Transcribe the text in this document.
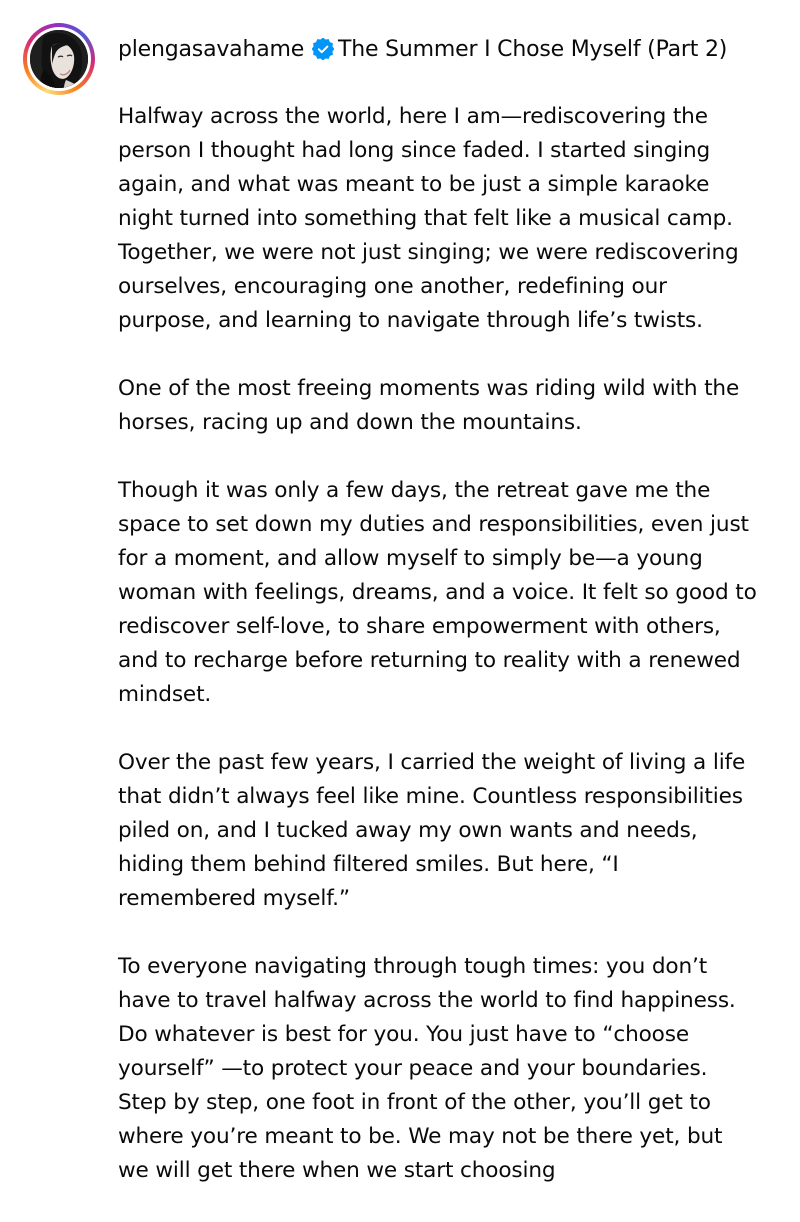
plengasavahame The Summer I Chose Myself (Part 2)

Halfway across the world, here I am—rediscovering the person I thought had long since faded. I started singing again, and what was meant to be just a simple karaoke night turned into something that felt like a musical camp. Together, we were not just singing; we were rediscovering ourselves, encouraging one another, redefining our purpose, and learning to navigate through life’s twists.

One of the most freeing moments was riding wild with the horses, racing up and down the mountains.

Though it was only a few days, the retreat gave me the space to set down my duties and responsibilities, even just for a moment, and allow myself to simply be—a young woman with feelings, dreams, and a voice. It felt so good to rediscover self-love, to share empowerment with others, and to recharge before returning to reality with a renewed mindset.

Over the past few years, I carried the weight of living a life that didn’t always feel like mine. Countless responsibilities piled on, and I tucked away my own wants and needs, hiding them behind filtered smiles. But here, “I remembered myself.”

To everyone navigating through tough times: you don’t have to travel halfway across the world to find happiness. Do whatever is best for you. You just have to “choose yourself” —to protect your peace and your boundaries. Step by step, one foot in front of the other, you’ll get to where you’re meant to be. We may not be there yet, but we will get there when we start choosing
